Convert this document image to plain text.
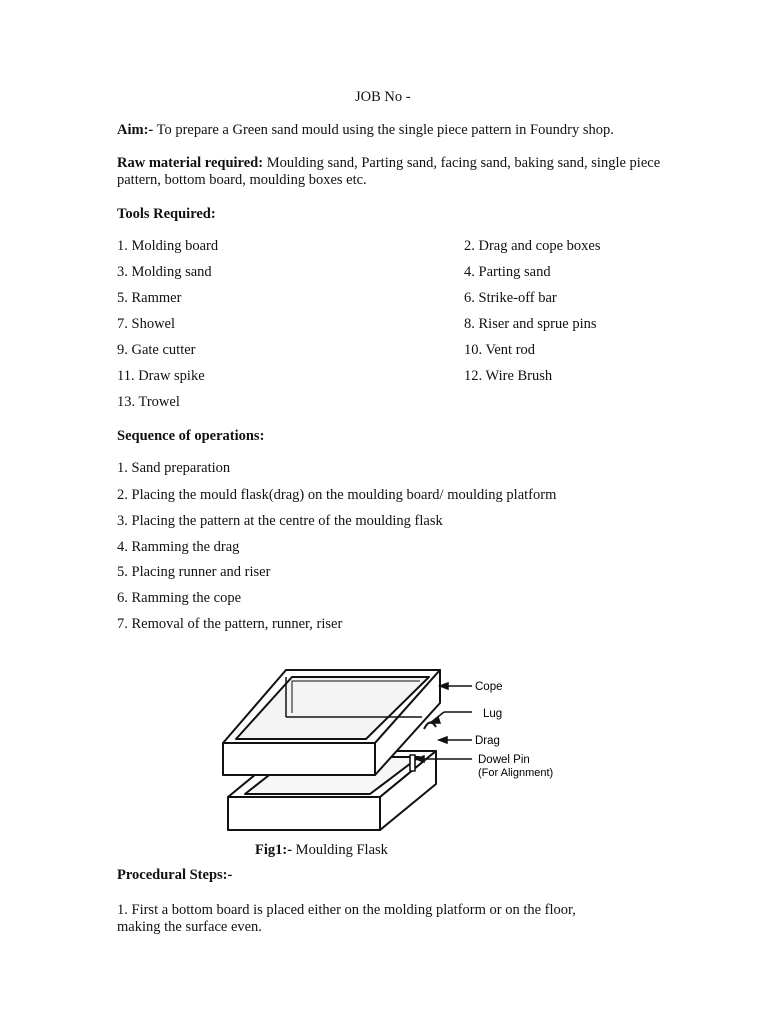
JOB No -
Aim:- To prepare a Green sand mould using the single piece pattern in Foundry shop.
Raw material required: Moulding sand, Parting sand, facing sand, baking sand, single piece pattern, bottom board, moulding boxes etc.
Tools Required:
1. Molding board	2. Drag and cope boxes
3. Molding sand	4. Parting sand
5. Rammer	6. Strike-off bar
7. Showel	8. Riser and sprue pins
9. Gate cutter	10. Vent rod
11. Draw spike	12. Wire Brush
13. Trowel
Sequence of operations:
1. Sand preparation
2. Placing the mould flask(drag) on the moulding board/ moulding platform
3. Placing the pattern at the centre of the moulding flask
4. Ramming the drag
5. Placing runner and riser
6. Ramming the cope
7. Removal of the pattern, runner, riser
Cope
Lug
Drag
Dowel Pin
(For Alignment)
Fig1:- Moulding Flask
Procedural Steps:-
1. First a bottom board is placed either on the molding platform or on the floor, making the surface even.
